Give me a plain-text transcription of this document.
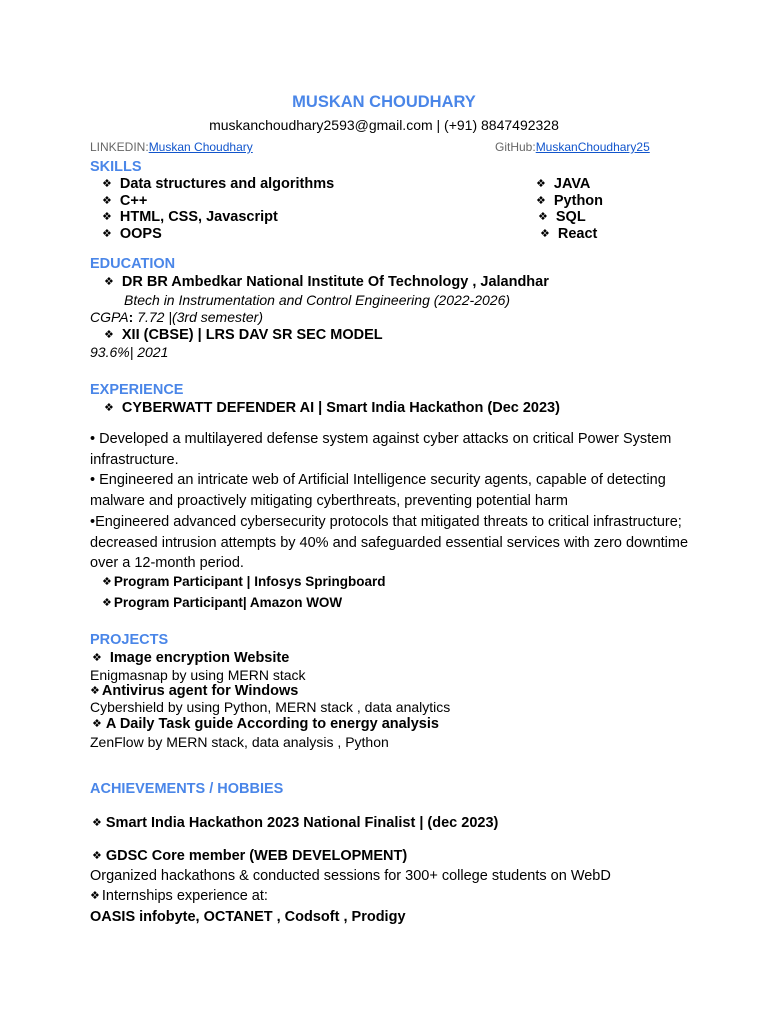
MUSKAN CHOUDHARY
muskanchoudhary2593@gmail.com | (+91) 8847492328
LINKEDIN:Muskan Choudhary	GitHub:MuskanChoudhary25
SKILLS
❖ Data structures and algorithms
❖ C++
❖ HTML, CSS, Javascript
❖ OOPS
❖ JAVA
❖ Python
❖ SQL
❖ React
EDUCATION
❖ DR BR Ambedkar National Institute Of Technology , Jalandhar
Btech in Instrumentation and Control Engineering (2022-2026)
CGPA: 7.72 |(3rd semester)
❖ XII (CBSE) | LRS DAV SR SEC MODEL
93.6%| 2021
EXPERIENCE
❖ CYBERWATT DEFENDER AI | Smart India Hackathon (Dec 2023)

• Developed a multilayered defense system against cyber attacks on critical Power System infrastructure.

• Engineered an intricate web of Artificial Intelligence security agents, capable of detecting malware and proactively mitigating cyberthreats, preventing potential harm

•Engineered advanced cybersecurity protocols that mitigated threats to critical infrastructure; decreased intrusion attempts by 40% and safeguarded essential services with zero downtime over a 12-month period.

❖ Program Participant | Infosys Springboard
❖ Program Participant| Amazon WOW
PROJECTS
❖ Image encryption Website
Enigmasnap by using MERN stack
❖ Antivirus agent for Windows
Cybershield by using Python, MERN stack , data analytics
❖ A Daily Task guide According to energy analysis
ZenFlow by MERN stack, data analysis , Python
ACHIEVEMENTS / HOBBIES
❖ Smart India Hackathon 2023 National Finalist | (dec 2023)
❖ GDSC Core member (WEB DEVELOPMENT)
Organized hackathons & conducted sessions for 300+ college students on WebD
❖ Internships experience at:
OASIS infobyte, OCTANET , Codsoft , Prodigy
